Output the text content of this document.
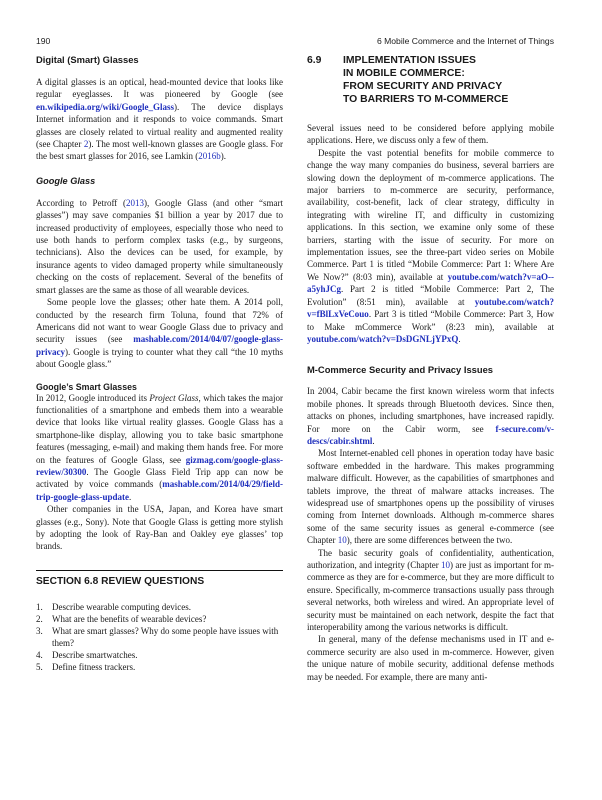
190	6 Mobile Commerce and the Internet of Things
Digital (Smart) Glasses

A digital glasses is an optical, head-mounted device that looks like regular eyeglasses. It was pioneered by Google (see en.wikipedia.org/wiki/Google_Glass). The device displays Internet information and it responds to voice commands. Smart glasses are closely related to virtual reality and augmented reality (see Chapter 2). The most well-known glasses are Google glass. For the best smart glasses for 2016, see Lamkin (2016b).

Google Glass

According to Petroff (2013), Google Glass (and other “smart glasses”) may save companies $1 billion a year by 2017 due to increased productivity of employees, especially those who need to use both hands to perform complex tasks (e.g., by surgeons, technicians). Also the devices can be used, for example, by insurance agents to video damaged property while simultaneously checking on the costs of replacement. Several of the benefits of smart glasses are the same as those of all wearable devices.

Some people love the glasses; other hate them. A 2014 poll, conducted by the research firm Toluna, found that 72% of Americans did not want to wear Google Glass due to privacy and security issues (see mashable.com/2014/04/07/google-glass-privacy). Google is trying to counter what they call “the 10 myths about Google glass.”

Google’s Smart Glasses

In 2012, Google introduced its Project Glass, which takes the major functionalities of a smartphone and embeds them into a wearable device that looks like virtual reality glasses. Google Glass has a smartphone-like display, allowing you to take basic smartphone features (messaging, e-mail) and making them hands free. For more on the features of Google Glass, see gizmag.com/google-glass-review/30300. The Google Glass Field Trip app can now be activated by voice commands (mashable.com/2014/04/29/field-trip-google-glass-update.

Other companies in the USA, Japan, and Korea have smart glasses (e.g., Sony). Note that Google Glass is getting more stylish by adopting the look of Ray-Ban and Oakley eye glasses’ top brands.

SECTION 6.8 REVIEW QUESTIONS
1. Describe wearable computing devices.
2. What are the benefits of wearable devices?
3. What are smart glasses? Why do some people have issues with them?
4. Describe smartwatches.
5. Define fitness trackers.
6.9	IMPLEMENTATION ISSUES
IN MOBILE COMMERCE:
FROM SECURITY AND PRIVACY
TO BARRIERS TO M-COMMERCE

Several issues need to be considered before applying mobile applications. Here, we discuss only a few of them.

Despite the vast potential benefits for mobile commerce to change the way many companies do business, several barriers are slowing down the deployment of m-commerce applications. The major barriers to m-commerce are security, performance, availability, cost-benefit, lack of clear strategy, difficulty in integrating with wireline IT, and difficulty in customizing applications. In this section, we examine only some of these barriers, starting with the issue of security. For more on implementation issues, see the three-part video series on Mobile Commerce. Part 1 is titled “Mobile Commerce: Part 1: Where Are We Now?” (8:03 min), available at youtube.com/watch?v=aO--a5yhJCg. Part 2 is titled “Mobile Commerce: Part 2, The Evolution” (8:51 min), available at youtube.com/watch?v=fBlLxVeCouo. Part 3 is titled “Mobile Commerce: Part 3, How to Make mCommerce Work” (8:23 min), available at youtube.com/watch?v=DsDGNLjYPxQ.

M-Commerce Security and Privacy Issues

In 2004, Cabir became the first known wireless worm that infects mobile phones. It spreads through Bluetooth devices. Since then, attacks on phones, including smartphones, have increased rapidly. For more on the Cabir worm, see f-secure.com/v-descs/cabir.shtml.

Most Internet-enabled cell phones in operation today have basic software embedded in the hardware. This makes programming malware difficult. However, as the capabilities of smartphones and tablets improve, the threat of malware attacks increases. The widespread use of smartphones opens up the possibility of viruses coming from Internet downloads. Although m-commerce shares some of the same security issues as general e-commerce (see Chapter 10), there are some differences between the two.

The basic security goals of confidentiality, authentication, authorization, and integrity (Chapter 10) are just as important for m-commerce as they are for e-commerce, but they are more difficult to ensure. Specifically, m-commerce transactions usually pass through several networks, both wireless and wired. An appropriate level of security must be maintained on each network, despite the fact that interoperability among the various networks is difficult.

In general, many of the defense mechanisms used in IT and e-commerce security are also used in m-commerce. However, given the unique nature of mobile security, additional defense methods may be needed. For example, there are many anti-
